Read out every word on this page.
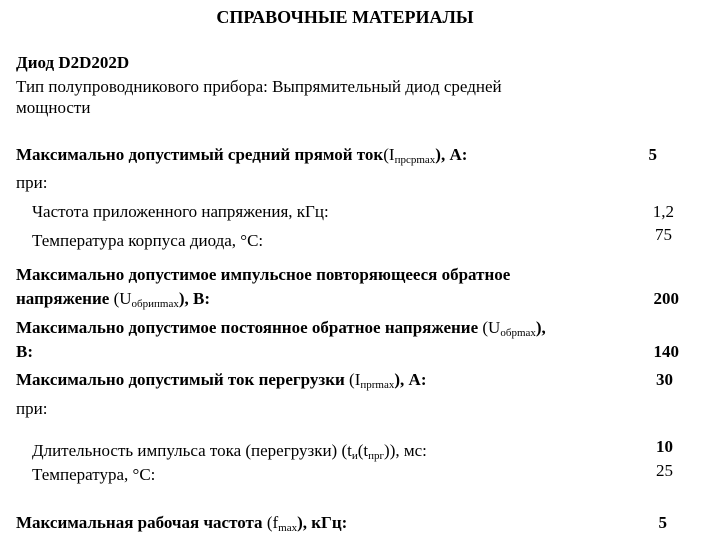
СПРАВОЧНЫЕ МАТЕРИАЛЫ
Диод D2D202D
Тип полупроводникового прибора: Выпрямительный диод средней
мощности
Максимально допустимый средний прямой $ток(I_{прсрmax})$, А:	5
при:
Частота приложенного напряжения, кГц:	1,2
Температура корпуса диода, °С:	75
Максимально допустимое импульсное повторяющееся обратное
напряжение $(U_{обрипmax})$, В:	200
Максимально допустимое постоянное обратное напряжение $(U_{обрmax})$,
В:	140
Максимально допустимый ток перегрузки $(I_{прrmax})$, А:	30
при:
Длительность импульса тока (перегрузки) $(t_и(t_{прг}))$, мс:	10
Температура, °С:	25
Максимальная рабочая частота $(f_{max})$, кГц:	5
